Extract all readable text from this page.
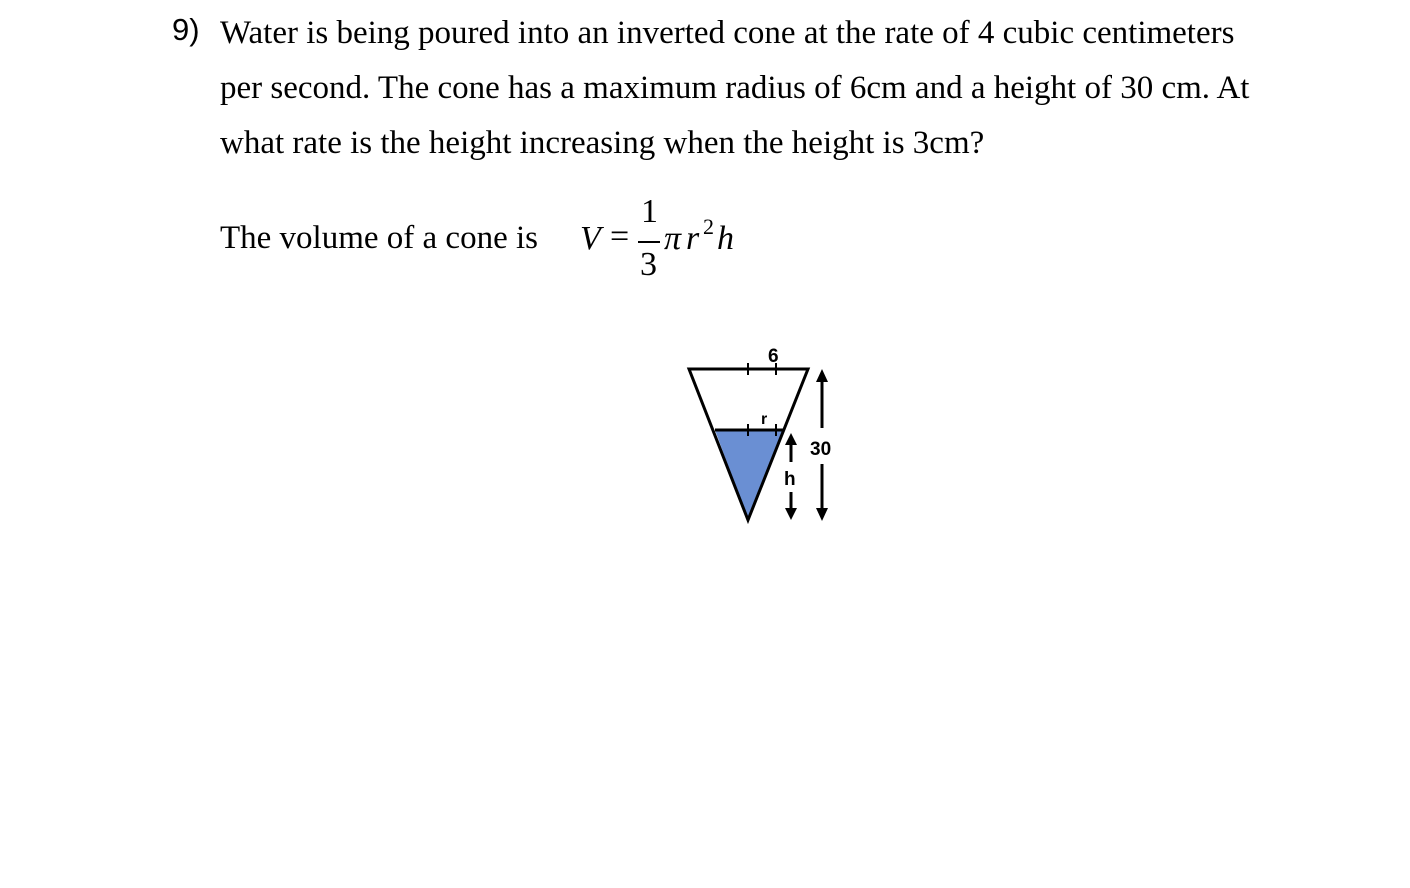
9) Water is being poured into an inverted cone at the rate of 4 cubic centimeters
per second. The cone has a maximum radius of 6cm and a height of 30 cm. At
what rate is the height increasing when the height is 3cm?
The volume of a cone is V =
1
3
π r 2 h
6
r
30
h
